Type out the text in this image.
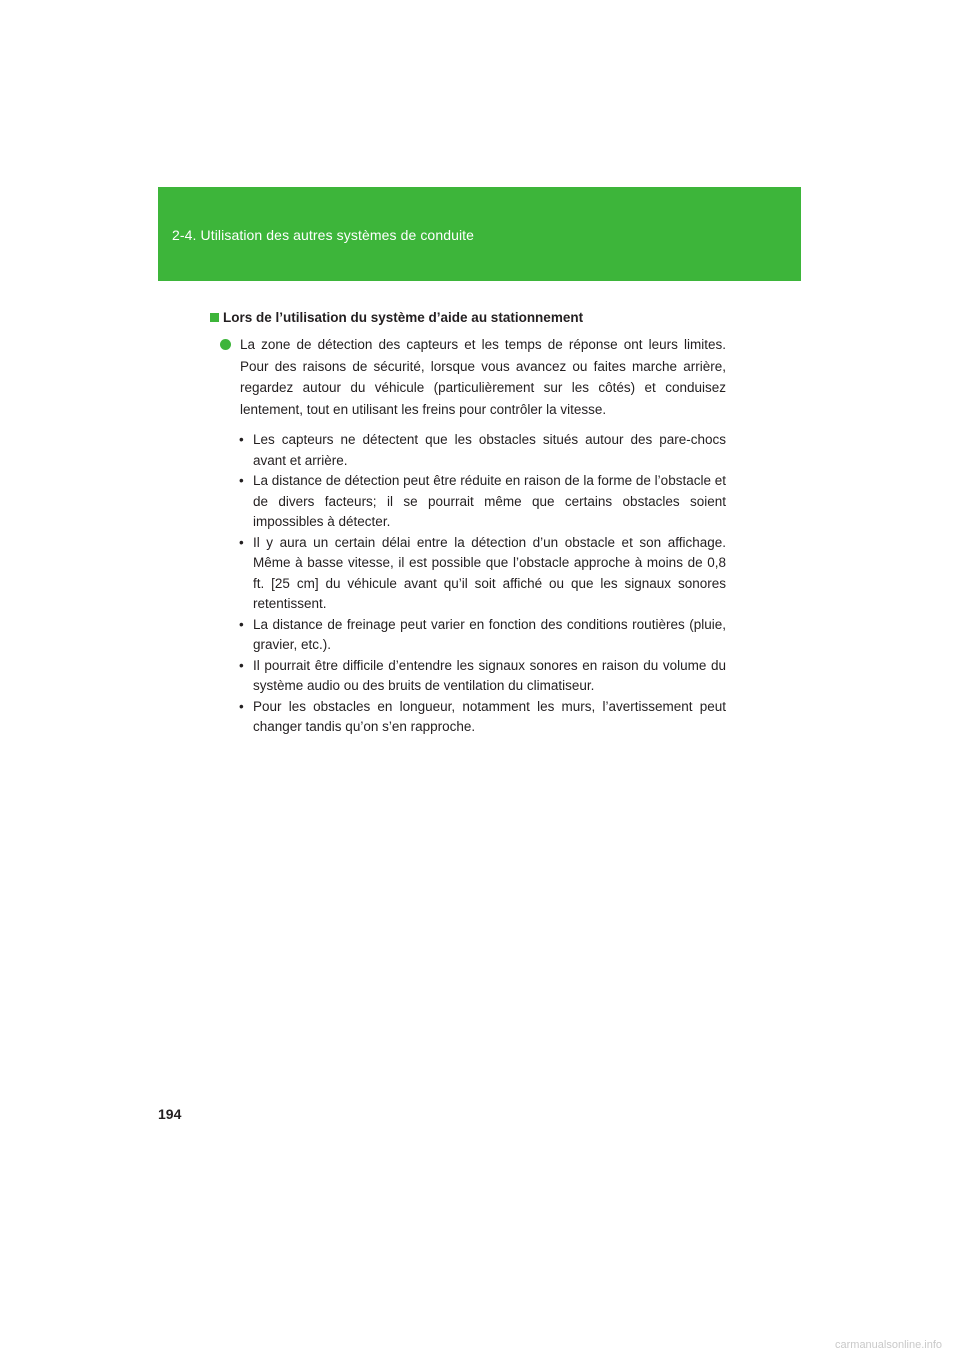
2-4. Utilisation des autres systèmes de conduite
Lors de l’utilisation du système d’aide au stationnement
La zone de détection des capteurs et les temps de réponse ont leurs limites. Pour des raisons de sécurité, lorsque vous avancez ou faites marche arrière, regardez autour du véhicule (particulièrement sur les côtés) et conduisez lentement, tout en utilisant les freins pour contrôler la vitesse.
• Les capteurs ne détectent que les obstacles situés autour des pare-chocs avant et arrière.
• La distance de détection peut être réduite en raison de la forme de l’obstacle et de divers facteurs; il se pourrait même que certains obstacles soient impossibles à détecter.
• Il y aura un certain délai entre la détection d’un obstacle et son affichage. Même à basse vitesse, il est possible que l’obstacle approche à moins de 0,8 ft. [25 cm] du véhicule avant qu’il soit affiché ou que les signaux sonores retentissent.
• La distance de freinage peut varier en fonction des conditions routières (pluie, gravier, etc.).
• Il pourrait être difficile d’entendre les signaux sonores en raison du volume du système audio ou des bruits de ventilation du climatiseur.
• Pour les obstacles en longueur, notamment les murs, l’avertissement peut changer tandis qu’on s’en rapproche.
194
carmanualsonline.info
